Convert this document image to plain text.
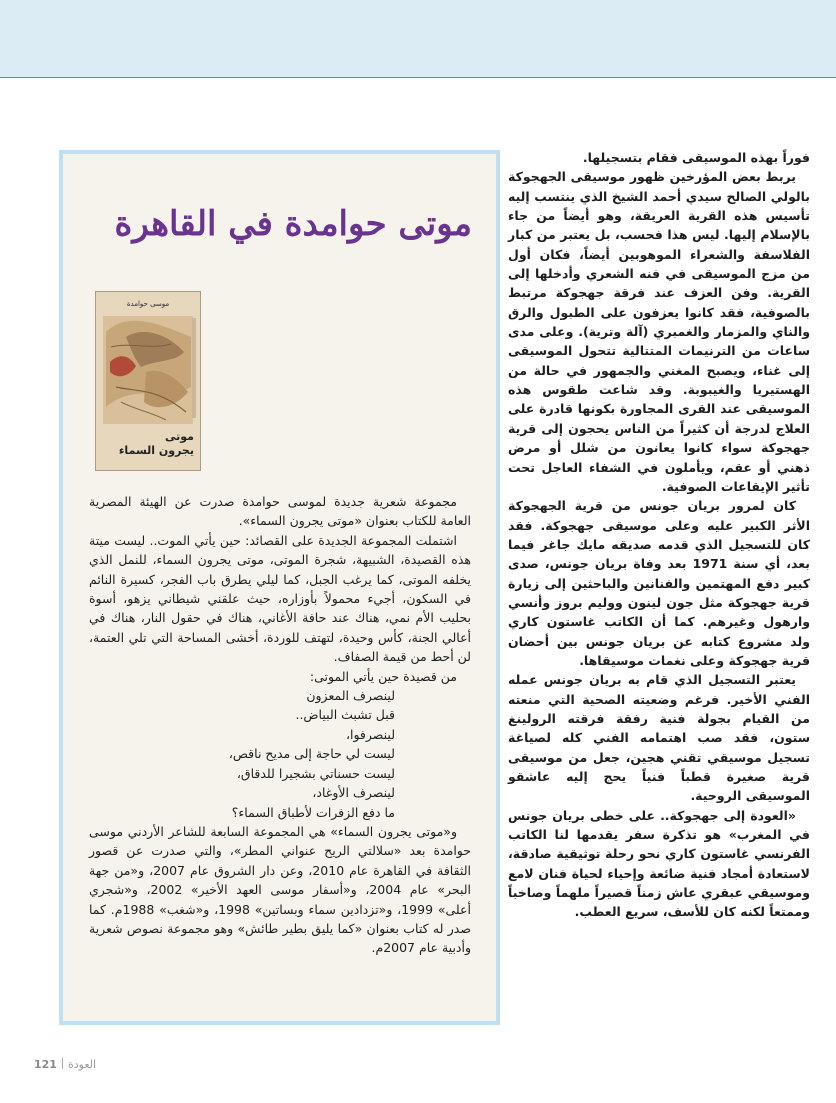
فوراً بهذه الموسيقى فقام بتسجيلها.

يربط بعض المؤرخين ظهور موسيقى الجهجوكة بالولي الصالح سيدي أحمد الشيخ الذي ينتسب إليه تأسيس هذه القرية العريقة، وهو أيضاً من جاء بالإسلام إليها. ليس هذا فحسب، بل يعتبر من كبار الفلاسفة والشعراء الموهوبين أيضاً، فكان أول من مزج الموسيقى في فنه الشعري وأدخلها إلى القرية. وفن العزف عند فرقة جهجوكة مرتبط بالصوفية، فقد كانوا يعزفون على الطبول والرق والناي والمزمار والغمبري (آلة وترية). وعلى مدى ساعات من الترنيمات المتتالية تتحول الموسيقى إلى غناء، ويصبح المغني والجمهور في حالة من الهستيريا والغيبوبة. وقد شاعت طقوس هذه الموسيقى عند القرى المجاورة بكونها قادرة على العلاج لدرجة أن كثيراً من الناس يحجون إلى قرية جهجوكة سواء كانوا يعانون من شلل أو مرض ذهني أو عقم، ويأملون في الشفاء العاجل تحت تأثير الإيقاعات الصوفية.

كان لمرور بريان جونس من قرية الجهجوكة الأثر الكبير عليه وعلى موسيقى جهجوكة. فقد كان للتسجيل الذي قدمه صديقه مايك جاغر فيما بعد، أي سنة 1971 بعد وفاة بريان جونس، صدى كبير دفع المهتمين والفنانين والباحثين إلى زيارة قرية جهجوكة مثل جون لينون ووليم بروز وأنسي وارهول وغيرهم. كما أن الكاتب غاستون كاري ولد مشروع كتابه عن بريان جونس بين أحضان قرية جهجوكة وعلى نغمات موسيقاها.

يعتبر التسجيل الذي قام به بريان جونس عمله الفني الأخير. فرغم وضعيته الصحية التي منعته من القيام بجولة فنية رفقة فرقته الرولينغ ستون، فقد صب اهتمامه الفني كله لصياغة تسجيل موسيقي تقني هجين، جعل من موسيقى قرية صغيرة قطباً فنياً يحج إليه عاشقو الموسيقى الروحية.

«العودة إلى جهجوكة.. على خطى بريان جونس في المغرب» هو تذكرة سفر يقدمها لنا الكاتب الفرنسي غاستون كاري نحو رحلة توثيقية صادقة، لاستعادة أمجاد فنية ضائعة وإحياء لحياة فنان لامع وموسيقي عبقري عاش زمناً قصيراً ملهماً وصاخباً وممتعاً لكنه كان للأسف، سريع العطب.

موتى حوامدة في القاهرة
موسى حوامدة
موتى
يجرون السماء

مجموعة شعرية جديدة لموسى حوامدة صدرت عن الهيئة المصرية العامة للكتاب بعنوان «موتى يجرون السماء».

اشتملت المجموعة الجديدة على القصائد: حين يأتي الموت.. ليست ميتة هذه القصيدة، الشبيهة، شجرة الموتى، موتى يجرون السماء، للنمل الذي يخلفه الموتى، كما يرغب الجبل، كما ليلي يطرق باب الفجر، كسيرة النائم في السكون، أجيء محمولاً بأوزاره، حيث علقني شيطاني يزهو، أسوة بحليب الأم نمي، هناك عند حافة الأغاني، هناك في حقول النار، هناك في أعالي الجنة، كأس وحيدة، لتهتف للوردة، أخشى المساحة التي تلي العتمة، لن أحط من قيمة الصفاف.

من قصيدة حين يأتي الموتى:

لينصرف المعزون

قبل تشبث البياض..

لينصرفوا،

ليست لي حاجة إلى مديح ناقص،

ليست حسناتي بشجيرا للدقاق،

لينصرف الأوغاد،

ما دفع الزفرات لأطباق السماء؟

و«موتى يجرون السماء» هي المجموعة السابعة للشاعر الأردني موسى حوامدة بعد «سلالتي الريح عنواني المطر»، والتي صدرت عن قصور الثقافة في القاهرة عام 2010، وعن دار الشروق عام 2007، و«من جهة البحر» عام 2004، و«أسفار موسى العهد الأخير» 2002، و«شجري أعلى» 1999، و«تزدادين سماء وبساتين» 1998، و«شغب» 1988م. كما صدر له كتاب بعنوان «كما يليق بطير طائش» وهو مجموعة نصوص شعرية وأدبية عام 2007م.

121 العودة
